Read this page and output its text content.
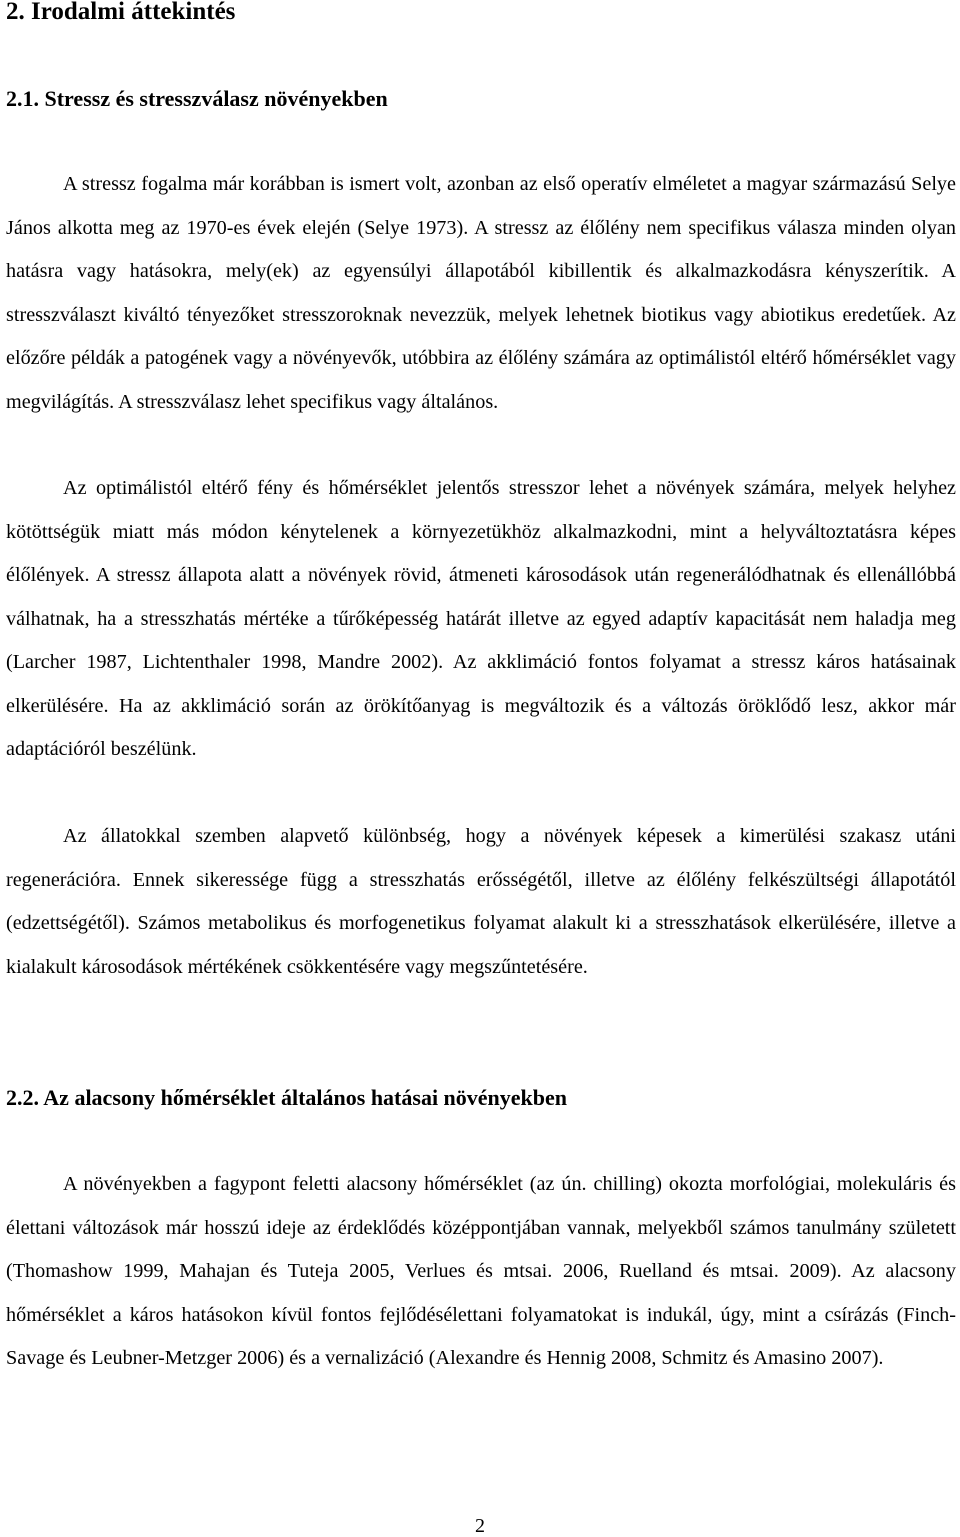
2. Irodalmi áttekintés
2.1. Stressz és stresszválasz növényekben

A stressz fogalma már korábban is ismert volt, azonban az első operatív elméletet a magyar származású Selye János alkotta meg az 1970-es évek elején (Selye 1973). A stressz az élőlény nem specifikus válasza minden olyan hatásra vagy hatásokra, mely(ek) az egyensúlyi állapotából kibillentik és alkalmazkodásra kényszerítik. A stresszválaszt kiváltó tényezőket stresszoroknak nevezzük, melyek lehetnek biotikus vagy abiotikus eredetűek. Az előzőre példák a patogének vagy a növényevők, utóbbira az élőlény számára az optimálistól eltérő hőmérséklet vagy megvilágítás. A stresszválasz lehet specifikus vagy általános.

Az optimálistól eltérő fény és hőmérséklet jelentős stresszor lehet a növények számára, melyek helyhez kötöttségük miatt más módon kénytelenek a környezetükhöz alkalmazkodni, mint a helyváltoztatásra képes élőlények. A stressz állapota alatt a növények rövid, átmeneti károsodások után regenerálódhatnak és ellenállóbbá válhatnak, ha a stresszhatás mértéke a tűrőképesség határát illetve az egyed adaptív kapacitását nem haladja meg (Larcher 1987, Lichtenthaler 1998, Mandre 2002). Az akklimáció fontos folyamat a stressz káros hatásainak elkerülésére. Ha az akklimáció során az örökítőanyag is megváltozik és a változás öröklődő lesz, akkor már adaptációról beszélünk.

Az állatokkal szemben alapvető különbség, hogy a növények képesek a kimerülési szakasz utáni regenerációra. Ennek sikeressége függ a stresszhatás erősségétől, illetve az élőlény felkészültségi állapotától (edzettségétől). Számos metabolikus és morfogenetikus folyamat alakult ki a stresszhatások elkerülésére, illetve a kialakult károsodások mértékének csökkentésére vagy megszűntetésére.

2.2. Az alacsony hőmérséklet általános hatásai növényekben

A növényekben a fagypont feletti alacsony hőmérséklet (az ún. chilling) okozta morfológiai, molekuláris és élettani változások már hosszú ideje az érdeklődés középpontjában vannak, melyekből számos tanulmány született (Thomashow 1999, Mahajan és Tuteja 2005, Verlues és mtsai. 2006, Ruelland és mtsai. 2009). Az alacsony hőmérséklet a káros hatásokon kívül fontos fejlődésélettani folyamatokat is indukál, úgy, mint a csírázás (Finch-Savage és Leubner-Metzger 2006) és a vernalizáció (Alexandre és Hennig 2008, Schmitz és Amasino 2007).

2
